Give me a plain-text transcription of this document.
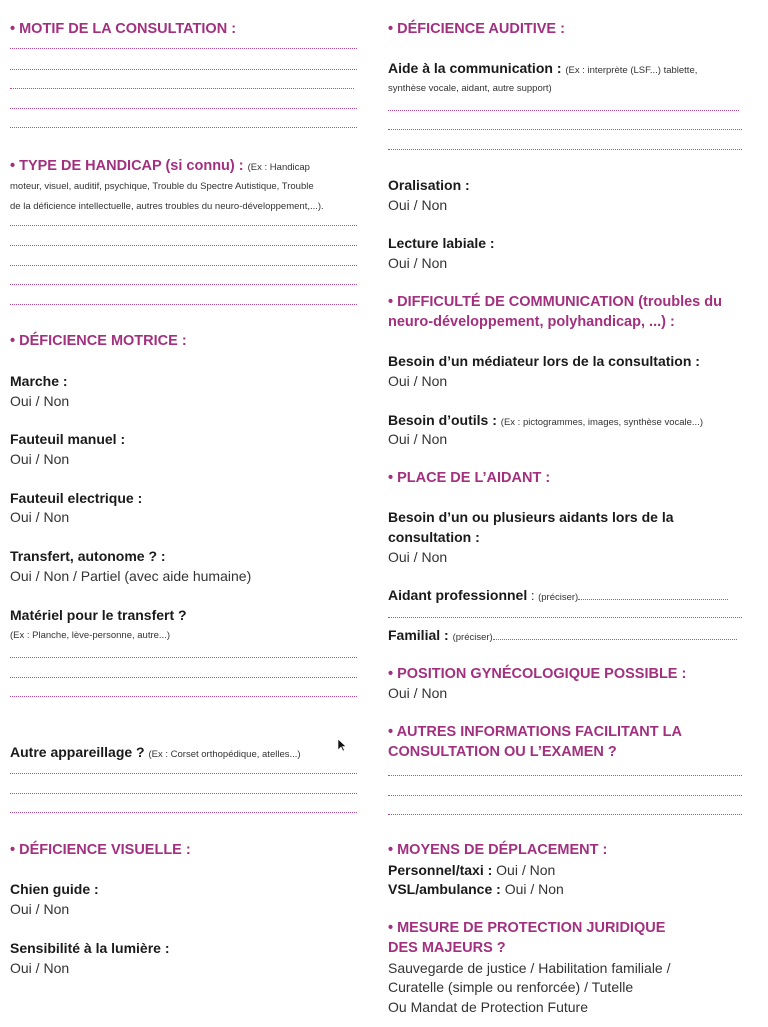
• MOTIF DE LA CONSULTATION :
• TYPE DE HANDICAP (si connu) : (Ex : Handicap
moteur, visuel, auditif, psychique, Trouble du Spectre Autistique, Trouble
de la déficience intellectuelle, autres troubles du neuro-développement,...).
• DÉFICIENCE MOTRICE :
Marche :
Oui / Non
Fauteuil manuel :
Oui / Non
Fauteuil electrique :
Oui / Non
Transfert, autonome ? :
Oui / Non / Partiel (avec aide humaine)
Matériel pour le transfert ?
(Ex : Planche, lève-personne, autre...)
Autre appareillage ? (Ex : Corset orthopédique, atelles...)
• DÉFICIENCE VISUELLE :
Chien guide :
Oui / Non
Sensibilité à la lumière :
Oui / Non
• DÉFICIENCE AUDITIVE :
Aide à la communication : (Ex : interprète (LSF...) tablette,
synthèse vocale, aidant, autre support)
Oralisation :
Oui / Non
Lecture labiale :
Oui / Non
• DIFFICULTÉ DE COMMUNICATION (troubles du
neuro-développement, polyhandicap, ...) :
Besoin d’un médiateur lors de la consultation :
Oui / Non
Besoin d’outils : (Ex : pictogrammes, images, synthèse vocale...)
Oui / Non
• PLACE DE L’AIDANT :
Besoin d’un ou plusieurs aidants lors de la
consultation :
Oui / Non
Aidant professionnel : (préciser)
Familial : (préciser)
• POSITION GYNÉCOLOGIQUE POSSIBLE :
Oui / Non
• AUTRES INFORMATIONS FACILITANT LA
CONSULTATION OU L’EXAMEN ?
• MOYENS DE DÉPLACEMENT :
Personnel/taxi : Oui / Non
VSL/ambulance : Oui / Non
• MESURE DE PROTECTION JURIDIQUE
DES MAJEURS ?
Sauvegarde de justice / Habilitation familiale /
Curatelle (simple ou renforcée) / Tutelle
Ou Mandat de Protection Future
